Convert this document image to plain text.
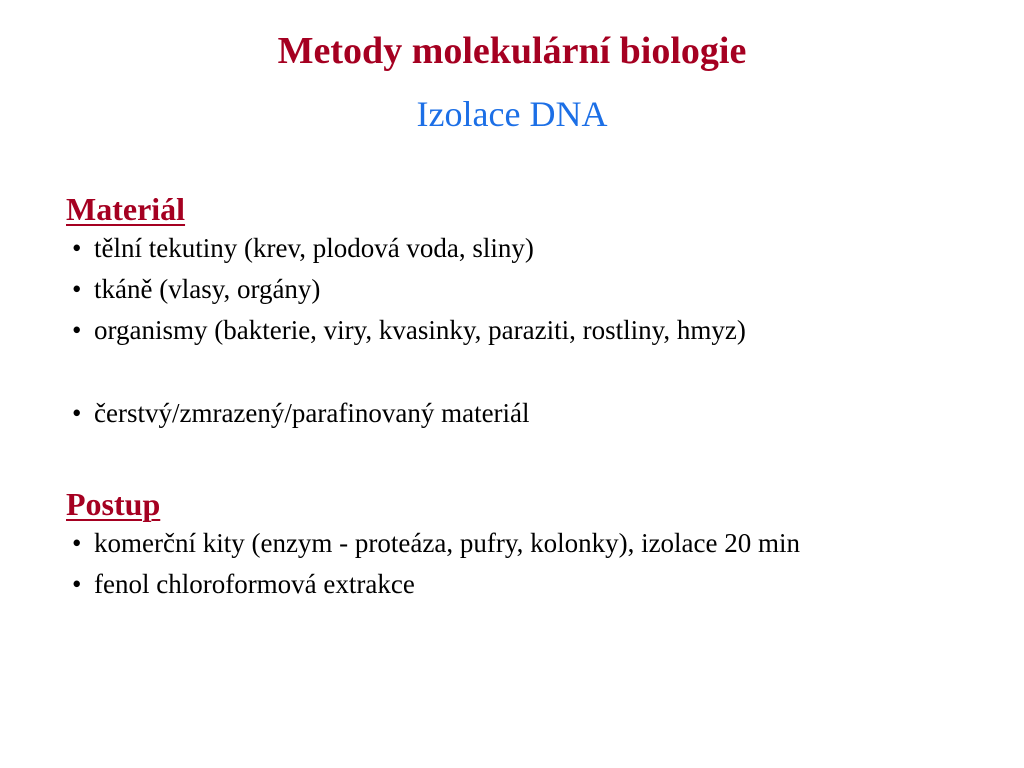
Metody molekulární biologie
Izolace DNA
Materiál
• tělní tekutiny (krev, plodová voda, sliny)
• tkáně (vlasy, orgány)
• organismy (bakterie, viry, kvasinky, paraziti, rostliny, hmyz)
• čerstvý/zmrazený/parafinovaný materiál
Postup
• komerční kity (enzym - proteáza, pufry, kolonky), izolace 20 min
• fenol chloroformová extrakce
